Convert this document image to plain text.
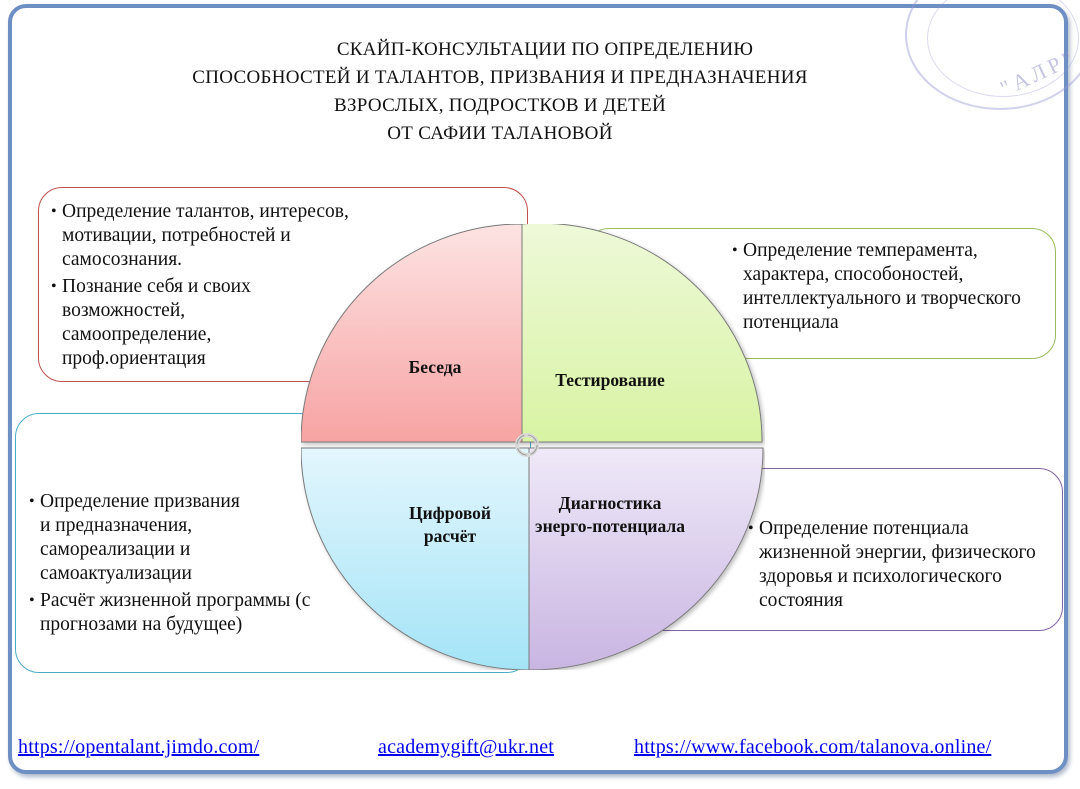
"АЛР"
СКАЙП-КОНСУЛЬТАЦИИ ПО ОПРЕДЕЛЕНИЮ
СПОСОБНОСТЕЙ И ТАЛАНТОВ, ПРИЗВАНИЯ И ПРЕДНАЗНАЧЕНИЯ
ВЗРОСЛЫХ, ПОДРОСТКОВ И ДЕТЕЙ
ОТ САФИИ ТАЛАНОВОЙ
• Определение талантов, интересов, мотивации, потребностей и самосознания.
• Познание себя и своих возможностей, самоопределение, проф.ориентация
• Определение темперамента, характера, способоностей, интеллектуального и творческого потенциала
• Определение призвания и предназначения, самореализации и самоактуализации
• Расчёт жизненной программы (с прогнозами на будущее)
• Определение потенциала жизненной энергии, физического здоровья и психологического состояния
Беседа
Тестирование
Цифровой расчёт
Диагностика энерго-потенциала
https://opentalant.jimdo.com/	academygift@ukr.net	https://www.facebook.com/talanova.online/
